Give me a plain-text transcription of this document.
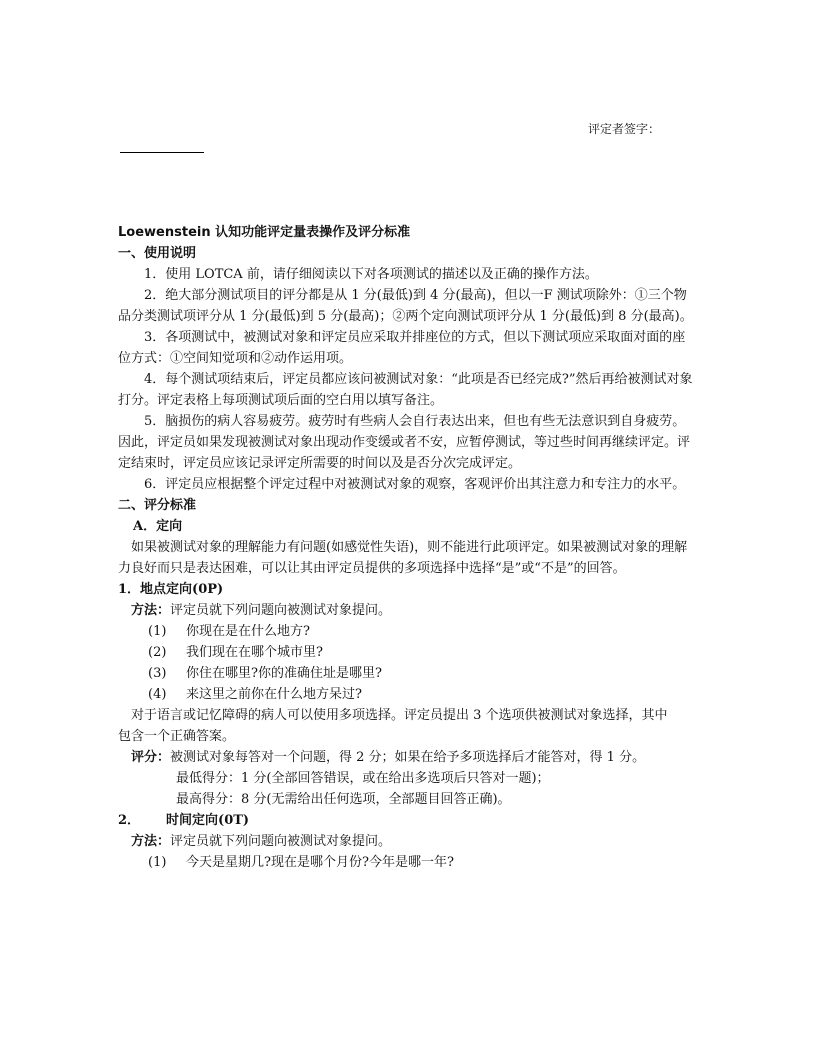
评定者签字：

Loewenstein 认知功能评定量表操作及评分标准

一、使用说明

1．使用 LOTCA 前，请仔细阅读以下对各项测试的描述以及正确的操作方法。

2．绝大部分测试项目的评分都是从 1 分(最低)到 4 分(最高)，但以一F 测试项除外：①三个物品分类测试项评分从 1 分(最低)到 5 分(最高)；②两个定向测试项评分从 1 分(最低)到 8 分(最高)。

3．各项测试中，被测试对象和评定员应采取并排座位的方式，但以下测试项应采取面对面的座位方式：①空间知觉项和②动作运用项。

4．每个测试项结束后，评定员都应该问被测试对象：“此项是否已经完成?”然后再给被测试对象打分。评定表格上每项测试项后面的空白用以填写备注。

5．脑损伤的病人容易疲劳。疲劳时有些病人会自行表达出来，但也有些无法意识到自身疲劳。因此，评定员如果发现被测试对象出现动作变缓或者不安，应暂停测试，等过些时间再继续评定。评定结束时，评定员应该记录评定所需要的时间以及是否分次完成评定。

6．评定员应根据整个评定过程中对被测试对象的观察，客观评价出其注意力和专注力的水平。

二、评分标准

A．定向

如果被测试对象的理解能力有问题(如感觉性失语)，则不能进行此项评定。如果被测试对象的理解力良好而只是表达困难，可以让其由评定员提供的多项选择中选择“是”或“不是”的回答。

1．地点定向(0P)

方法：评定员就下列问题向被测试对象提问。

(1) 你现在是在什么地方?

(2) 我们现在在哪个城市里?

(3) 你住在哪里?你的准确住址是哪里?

(4) 来这里之前你在什么地方呆过?

对于语言或记忆障碍的病人可以使用多项选择。评定员提出 3 个选项供被测试对象选择，其中

包含一个正确答案。

评分：被测试对象每答对一个问题，得 2 分；如果在给予多项选择后才能答对，得 1 分。

最低得分：1 分(全部回答错误，或在给出多选项后只答对一题)；

最高得分：8 分(无需给出任何选项，全部题目回答正确)。

2． 时间定向(0T)

方法：评定员就下列问题向被测试对象提问。

(1) 今天是星期几?现在是哪个月份?今年是哪一年?
